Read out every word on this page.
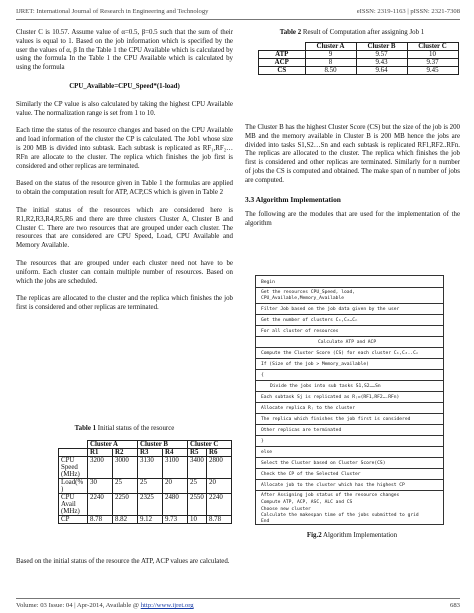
IJRET: International Journal of Research in Engineering and Technology	eISSN: 2319-1163 | pISSN: 2321-7308

Cluster C is 10.57. Assume value of α=0.5, β=0.5 such that the sum of their values is equal to 1. Based on the job information which is specified by the user the values of α, β In the Table 1 the CPU Available which is calculated by using the formula In the Table 1 the CPU Available which is calculated by using the formula

CPU_Available=CPU_Speed*(1-load)

Similarly the CP value is also calculated by taking the highest CPU Available value. The normalization range is set from 1 to 10.

Each time the status of the resource changes and based on the CPU Available and load information of the cluster the CP is calculated. The Job1 whose size is 200 MB is divided into subtask. Each subtask is replicated as RF₁,RF₂…RFn are allocate to the cluster. The replica which finishes the job first is considered and other replicas are terminated.

Based on the status of the resource given in Table 1 the formulas are applied to obtain the computation result for ATP, ACP,CS which is given in Table 2

The initial status of the resources which are considered here is R1,R2,R3,R4,R5,R6 and there are three clusters Cluster A, Cluster B and Cluster C. There are two resources that are grouped under each cluster. The resources that are considered are CPU Speed, Load, CPU Available and Memory Available.

The resources that are grouped under each cluster need not have to be uniform. Each cluster can contain multiple number of resources. Based on which the jobs are scheduled.

The replicas are allocated to the cluster and the replica which finishes the job first is considered and other replicas are terminated.

Table 1 Initial status of the resource
	Cluster A		Cluster B		Cluster C	
	R1	R2	R3	R4	R5	R6
CPU Speed (MHz)	3200	3000	3130	3100	3400	2800
Load(% )	30	25	25	20	25	20
CPU Avail (MHz)	2240	2250	2325	2480	2550	2240
CP	8.78	8.82	9.12	9.73	10	8.78

Based on the initial status of the resource the ATP, ACP values are calculated.

Table 2 Result of Computation after assigning Job 1
	Cluster A	Cluster B	Cluster C
ATP	9	9.57	10
ACP	8	9.43	9.37
CS	8.50	9.64	9.45

The Cluster B has the highest Cluster Score (CS) but the size of the job is 200 MB and the memory available in Cluster B is 200 MB hence the jobs are divided into tasks S1,S2…Sn and each subtask is replicated RF1,RF2..RFn. The replicas are allocated to the cluster. The replica which finishes the job first is considered and other replicas are terminated. Similarly for n number of jobs the CS is computed and obtained. The make span of n number of jobs are computed.

3.3 Algorithm Implementation

The following are the modules that are used for the implementation of the algorithm

Begin
Get the resources CPU_Speed, load, CPU_Available,Memory_Available
Filter Job based on the job data given by the user
Get the number of clusters C₁,C₂…Cₙ
For all cluster of resources
Calculate ATP and ACP
Compute the Cluster Score (CS) for each cluster C₁,C₂..Cₙ
If (Size of the job > Memory_available)
{
Divide the jobs into sub tasks S1,S2……Sn
Each subtask Sj is replicated as Rⱼ=(RF1,RF2….RFn)
Allocate replica Rⱼ to the cluster
The replica which finishes the job first is considered
Other replicas are terminated
}
else
Select the Cluster based on Cluster Score(CS)
Check the CP of the Selected Cluster
Allocate job to the cluster which has the highest CP
After Assigning job status of the resource changes
Compute ATP, ACP, ASC, ALC and CS
Choose new cluster
Calculate the makespan time of the jobs submitted to grid
End
Fig.2 Algorithm Implementation
Volume: 03 Issue: 04 | Apr-2014, Available @ http://www.ijret.org	683
